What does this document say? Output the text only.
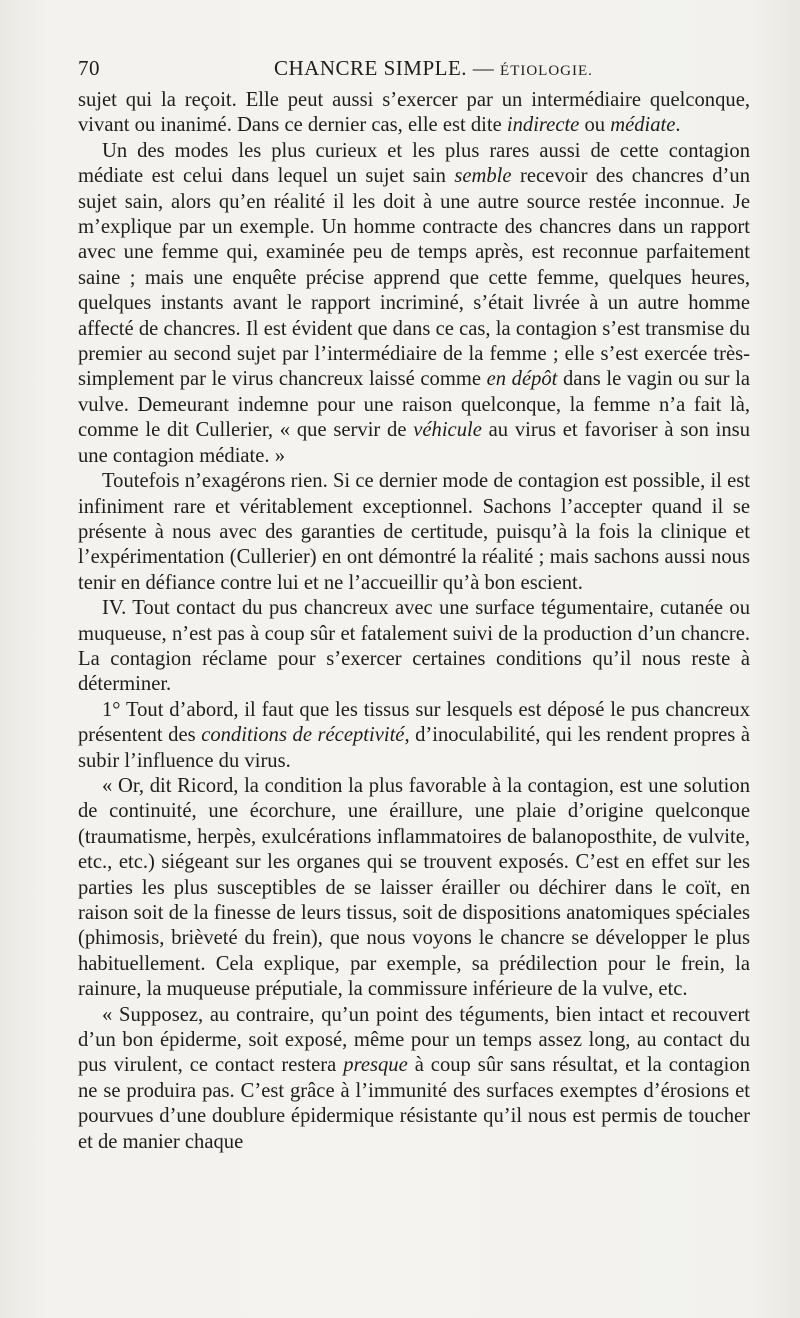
70	CHANCRE SIMPLE. — ÉTIOLOGIE.

sujet qui la reçoit. Elle peut aussi s’exercer par un intermédiaire quelconque, vivant ou inanimé. Dans ce dernier cas, elle est dite indirecte ou médiate.

Un des modes les plus curieux et les plus rares aussi de cette contagion médiate est celui dans lequel un sujet sain semble recevoir des chancres d’un sujet sain, alors qu’en réalité il les doit à une autre source restée inconnue. Je m’explique par un exemple. Un homme contracte des chancres dans un rapport avec une femme qui, examinée peu de temps après, est reconnue parfaitement saine ; mais une enquête précise apprend que cette femme, quelques heures, quelques instants avant le rapport incriminé, s’était livrée à un autre homme affecté de chancres. Il est évident que dans ce cas, la contagion s’est transmise du premier au second sujet par l’intermédiaire de la femme ; elle s’est exercée très-simplement par le virus chancreux laissé comme en dépôt dans le vagin ou sur la vulve. Demeurant indemne pour une raison quelconque, la femme n’a fait là, comme le dit Cullerier, « que servir de véhicule au virus et favoriser à son insu une contagion médiate. »

Toutefois n’exagérons rien. Si ce dernier mode de contagion est possible, il est infiniment rare et véritablement exceptionnel. Sachons l’accepter quand il se présente à nous avec des garanties de certitude, puisqu’à la fois la clinique et l’expérimentation (Cullerier) en ont démontré la réalité ; mais sachons aussi nous tenir en défiance contre lui et ne l’accueillir qu’à bon escient.

IV. Tout contact du pus chancreux avec une surface tégumentaire, cutanée ou muqueuse, n’est pas à coup sûr et fatalement suivi de la production d’un chancre. La contagion réclame pour s’exercer certaines conditions qu’il nous reste à déterminer.

1° Tout d’abord, il faut que les tissus sur lesquels est déposé le pus chancreux présentent des conditions de réceptivité, d’inoculabilité, qui les rendent propres à subir l’influence du virus.

« Or, dit Ricord, la condition la plus favorable à la contagion, est une solution de continuité, une écorchure, une éraillure, une plaie d’origine quelconque (traumatisme, herpès, exulcérations inflammatoires de balanoposthite, de vulvite, etc., etc.) siégeant sur les organes qui se trouvent exposés. C’est en effet sur les parties les plus susceptibles de se laisser érailler ou déchirer dans le coït, en raison soit de la finesse de leurs tissus, soit de dispositions anatomiques spéciales (phimosis, brièveté du frein), que nous voyons le chancre se développer le plus habituellement. Cela explique, par exemple, sa prédilection pour le frein, la rainure, la muqueuse préputiale, la commissure inférieure de la vulve, etc.

« Supposez, au contraire, qu’un point des téguments, bien intact et recouvert d’un bon épiderme, soit exposé, même pour un temps assez long, au contact du pus virulent, ce contact restera presque à coup sûr sans résultat, et la contagion ne se produira pas. C’est grâce à l’immunité des surfaces exemptes d’érosions et pourvues d’une doublure épidermique résistante qu’il nous est permis de toucher et de manier chaque
